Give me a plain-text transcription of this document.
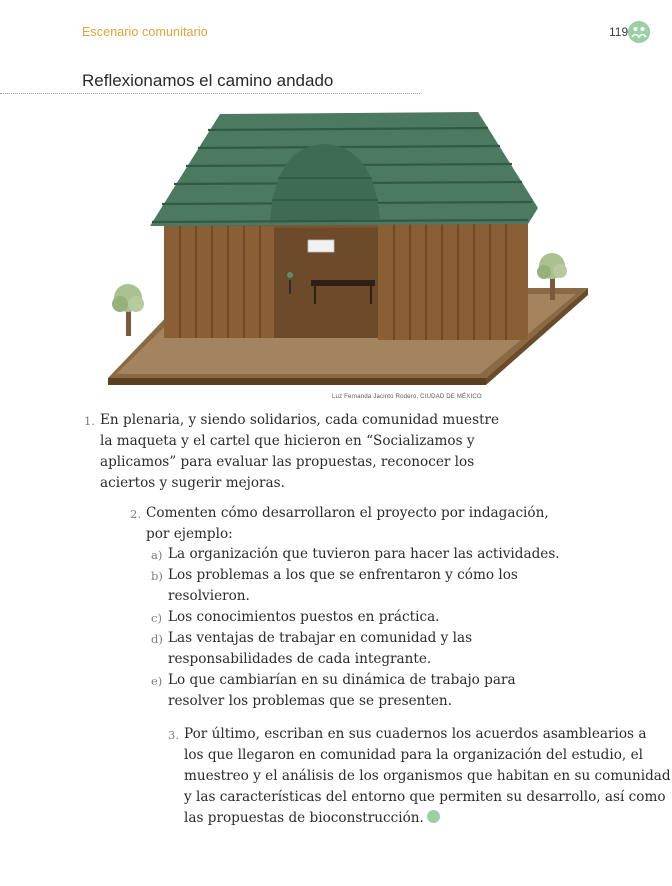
Escenario comunitario	119
Reflexionamos el camino andado
Luz Fernanda Jacinto Rodero, CIUDAD DE MÉXICO
1. En plenaria, y siendo solidarios, cada comunidad muestre
la maqueta y el cartel que hicieron en “Socializamos y
aplicamos” para evaluar las propuestas, reconocer los
aciertos y sugerir mejoras.
2. Comenten cómo desarrollaron el proyecto por indagación,
por ejemplo:
a) La organización que tuvieron para hacer las actividades.
b) Los problemas a los que se enfrentaron y cómo los
resolvieron.
c) Los conocimientos puestos en práctica.
d) Las ventajas de trabajar en comunidad y las
responsabilidades de cada integrante.
e) Lo que cambiarían en su dinámica de trabajo para
resolver los problemas que se presenten.
3. Por último, escriban en sus cuadernos los acuerdos asamblearios a
los que llegaron en comunidad para la organización del estudio, el
muestreo y el análisis de los organismos que habitan en su comunidad
y las características del entorno que permiten su desarrollo, así como
las propuestas de bioconstrucción.
